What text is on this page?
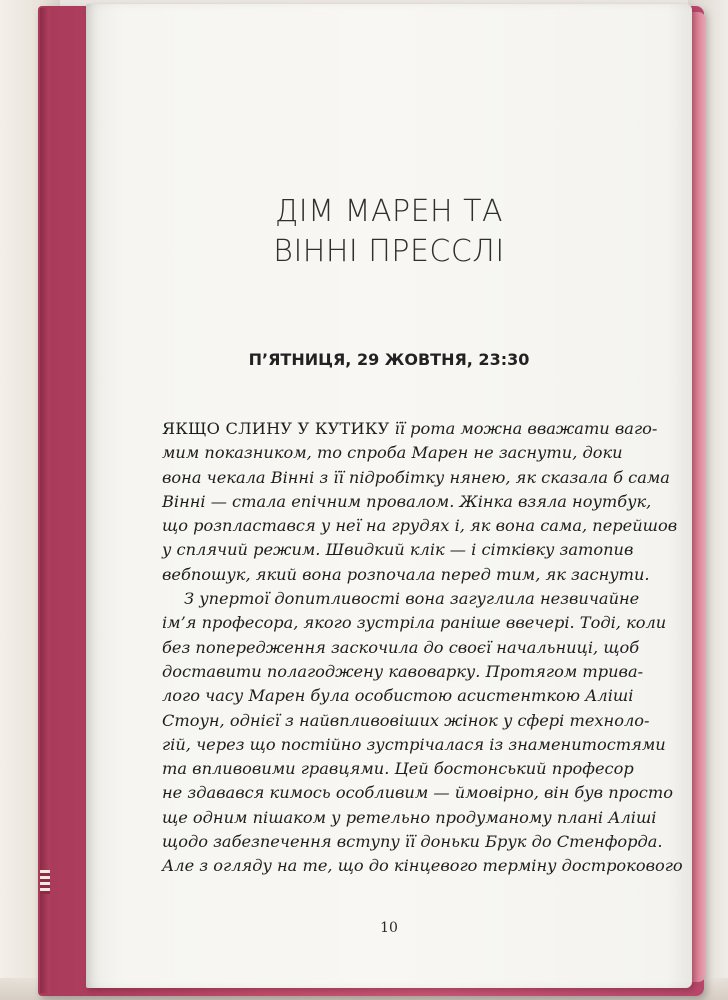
ДІМ МАРЕН ТА
ВІННІ ПРЕССЛІ
П’ЯТНИЦЯ, 29 ЖОВТНЯ, 23:30
ЯКЩО СЛИНУ У КУТИКУ її рота можна вважати ваго-
мим показником, то спроба Марен не заснути, доки
вона чекала Вінні з її підробітку нянею, як сказала б сама
Вінні — стала епічним провалом. Жінка взяла ноутбук,
що розпластався у неї на грудях і, як вона сама, перейшов
у сплячий режим. Швидкий клік — і сітківку затопив
вебпошук, який вона розпочала перед тим, як заснути.
З упертої допитливості вона загуглила незвичайне
ім’я професора, якого зустріла раніше ввечері. Тоді, коли
без попередження заскочила до своєї начальниці, щоб
доставити полагоджену кавоварку. Протягом трива-
лого часу Марен була особистою асистенткою Аліші
Стоун, однієї з найвпливовіших жінок у сфері техноло-
гій, через що постійно зустрічалася із знаменитостями
та впливовими гравцями. Цей бостонський професор
не здавався кимось особливим — ймовірно, він був просто
ще одним пішаком у ретельно продуманому плані Аліші
щодо забезпечення вступу її доньки Брук до Стенфорда.
Але з огляду на те, що до кінцевого терміну дострокового
10
